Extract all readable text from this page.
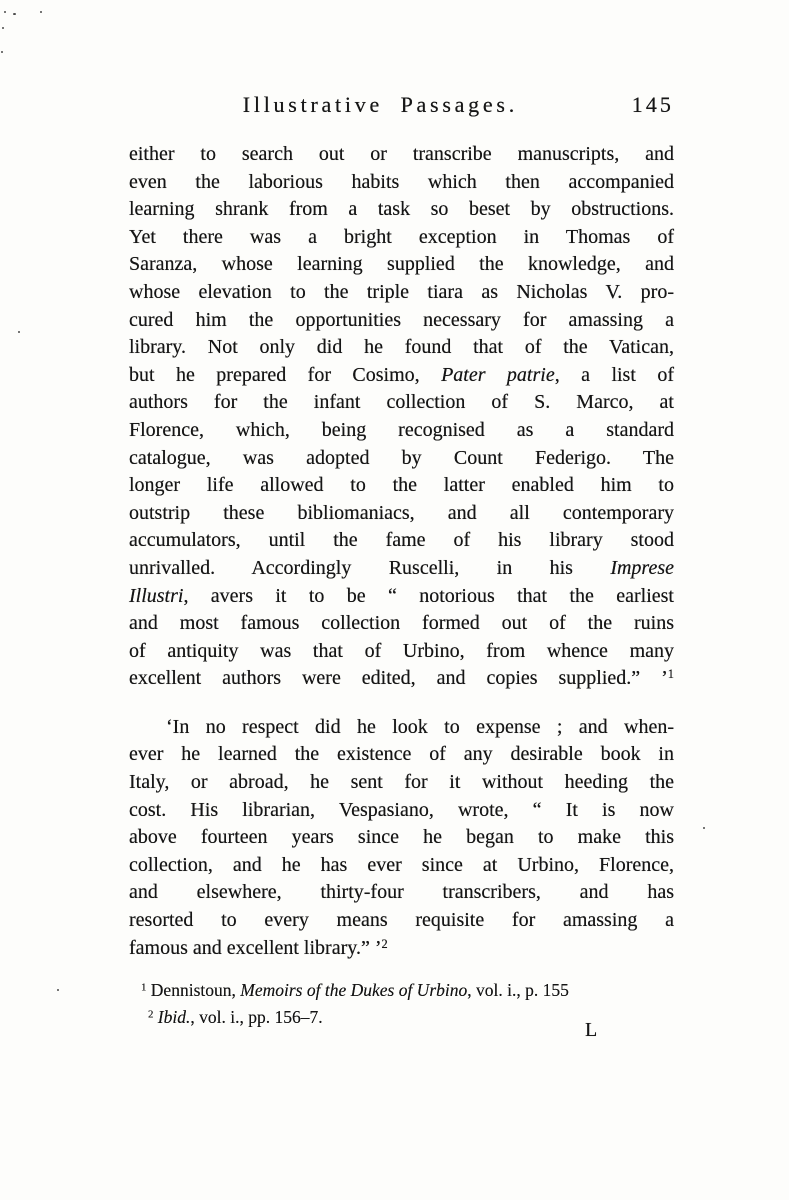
Illustrative Passages.	145
either to search out or transcribe manuscripts, and
even the laborious habits which then accompanied
learning shrank from a task so beset by obstructions.
Yet there was a bright exception in Thomas of
Saranza, whose learning supplied the knowledge, and
whose elevation to the triple tiara as Nicholas V. pro-
cured him the opportunities necessary for amassing a
library. Not only did he found that of the Vatican,
but he prepared for Cosimo, Pater patrie, a list of
authors for the infant collection of S. Marco, at
Florence, which, being recognised as a standard
catalogue, was adopted by Count Federigo. The
longer life allowed to the latter enabled him to
outstrip these bibliomaniacs, and all contemporary
accumulators, until the fame of his library stood
unrivalled. Accordingly Ruscelli, in his Imprese
Illustri, avers it to be “ notorious that the earliest
and most famous collection formed out of the ruins
of antiquity was that of Urbino, from whence many
excellent authors were edited, and copies supplied.” ’$^1$
‘In no respect did he look to expense ; and when-
ever he learned the existence of any desirable book in
Italy, or abroad, he sent for it without heeding the
cost. His librarian, Vespasiano, wrote, “ It is now
above fourteen years since he began to make this
collection, and he has ever since at Urbino, Florence,
and elsewhere, thirty-four transcribers, and has
resorted to every means requisite for amassing a
famous and excellent library.” ’$^2$
$^1$ Dennistoun, Memoirs of the Dukes of Urbino, vol. i., p. 155
$^2$ Ibid., vol. i., pp. 156–7.
L
